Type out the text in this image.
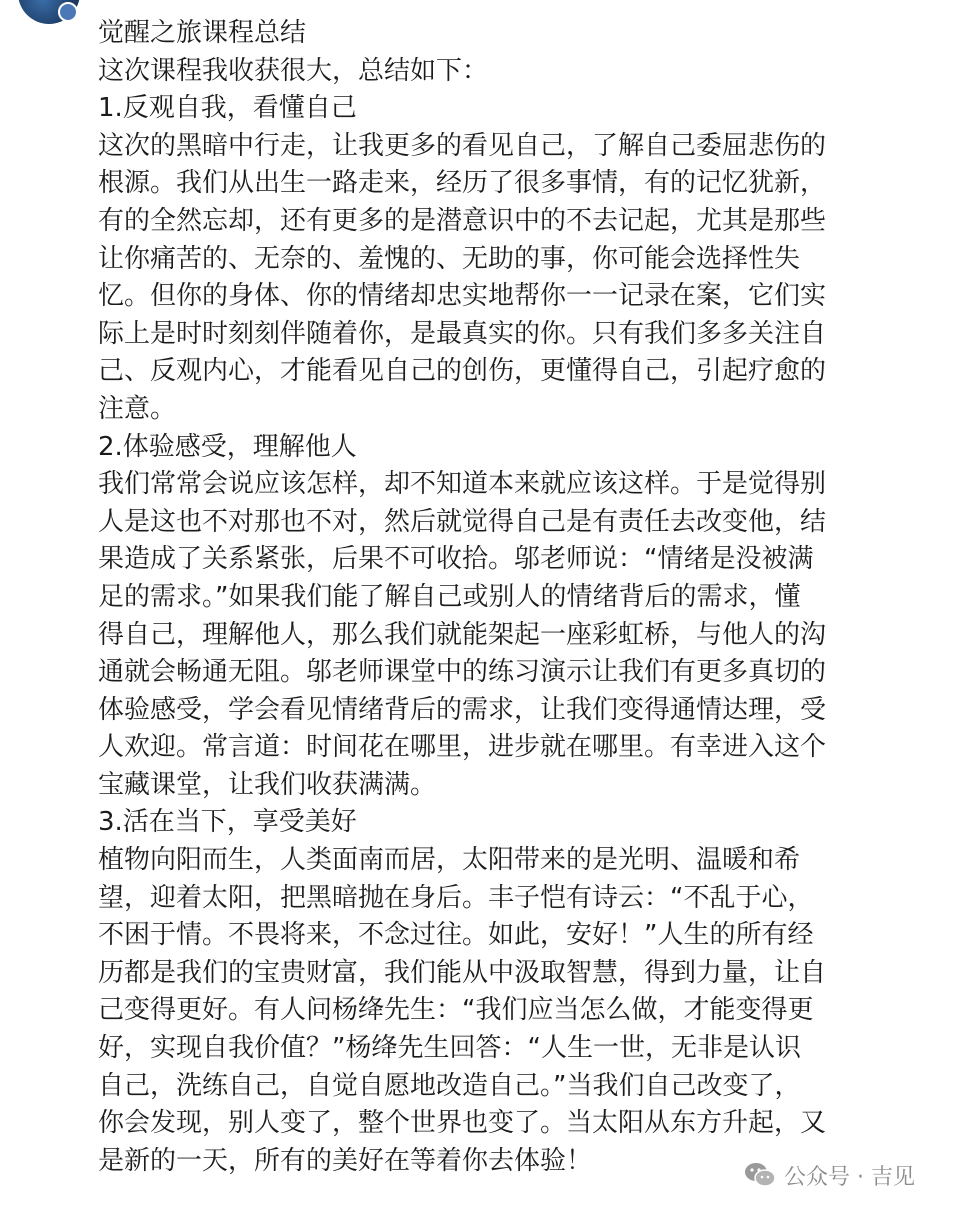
觉醒之旅课程总结
这次课程我收获很大，总结如下：
1.反观自我，看懂自己
这次的黑暗中行走，让我更多的看见自己，了解自己委屈悲伤的
根源。我们从出生一路走来，经历了很多事情，有的记忆犹新，
有的全然忘却，还有更多的是潜意识中的不去记起，尤其是那些
让你痛苦的、无奈的、羞愧的、无助的事，你可能会选择性失
忆。但你的身体、你的情绪却忠实地帮你一一记录在案，它们实
际上是时时刻刻伴随着你，是最真实的你。只有我们多多关注自
己、反观内心，才能看见自己的创伤，更懂得自己，引起疗愈的
注意。
2.体验感受，理解他人
我们常常会说应该怎样，却不知道本来就应该这样。于是觉得别
人是这也不对那也不对，然后就觉得自己是有责任去改变他，结
果造成了关系紧张，后果不可收拾。邬老师说：“情绪是没被满
足的需求。”如果我们能了解自己或别人的情绪背后的需求，懂
得自己，理解他人，那么我们就能架起一座彩虹桥，与他人的沟
通就会畅通无阻。邬老师课堂中的练习演示让我们有更多真切的
体验感受，学会看见情绪背后的需求，让我们变得通情达理，受
人欢迎。常言道：时间花在哪里，进步就在哪里。有幸进入这个
宝藏课堂，让我们收获满满。
3.活在当下，享受美好
植物向阳而生，人类面南而居，太阳带来的是光明、温暖和希
望，迎着太阳，把黑暗抛在身后。丰子恺有诗云：“不乱于心，
不困于情。不畏将来，不念过往。如此，安好！”人生的所有经
历都是我们的宝贵财富，我们能从中汲取智慧，得到力量，让自
己变得更好。有人问杨绛先生：“我们应当怎么做，才能变得更
好，实现自我价值？”杨绛先生回答：“人生一世，无非是认识
自己，洗练自己，自觉自愿地改造自己。”当我们自己改变了，
你会发现，别人变了，整个世界也变了。当太阳从东方升起，又
是新的一天，所有的美好在等着你去体验！
公众号 · 吉见
